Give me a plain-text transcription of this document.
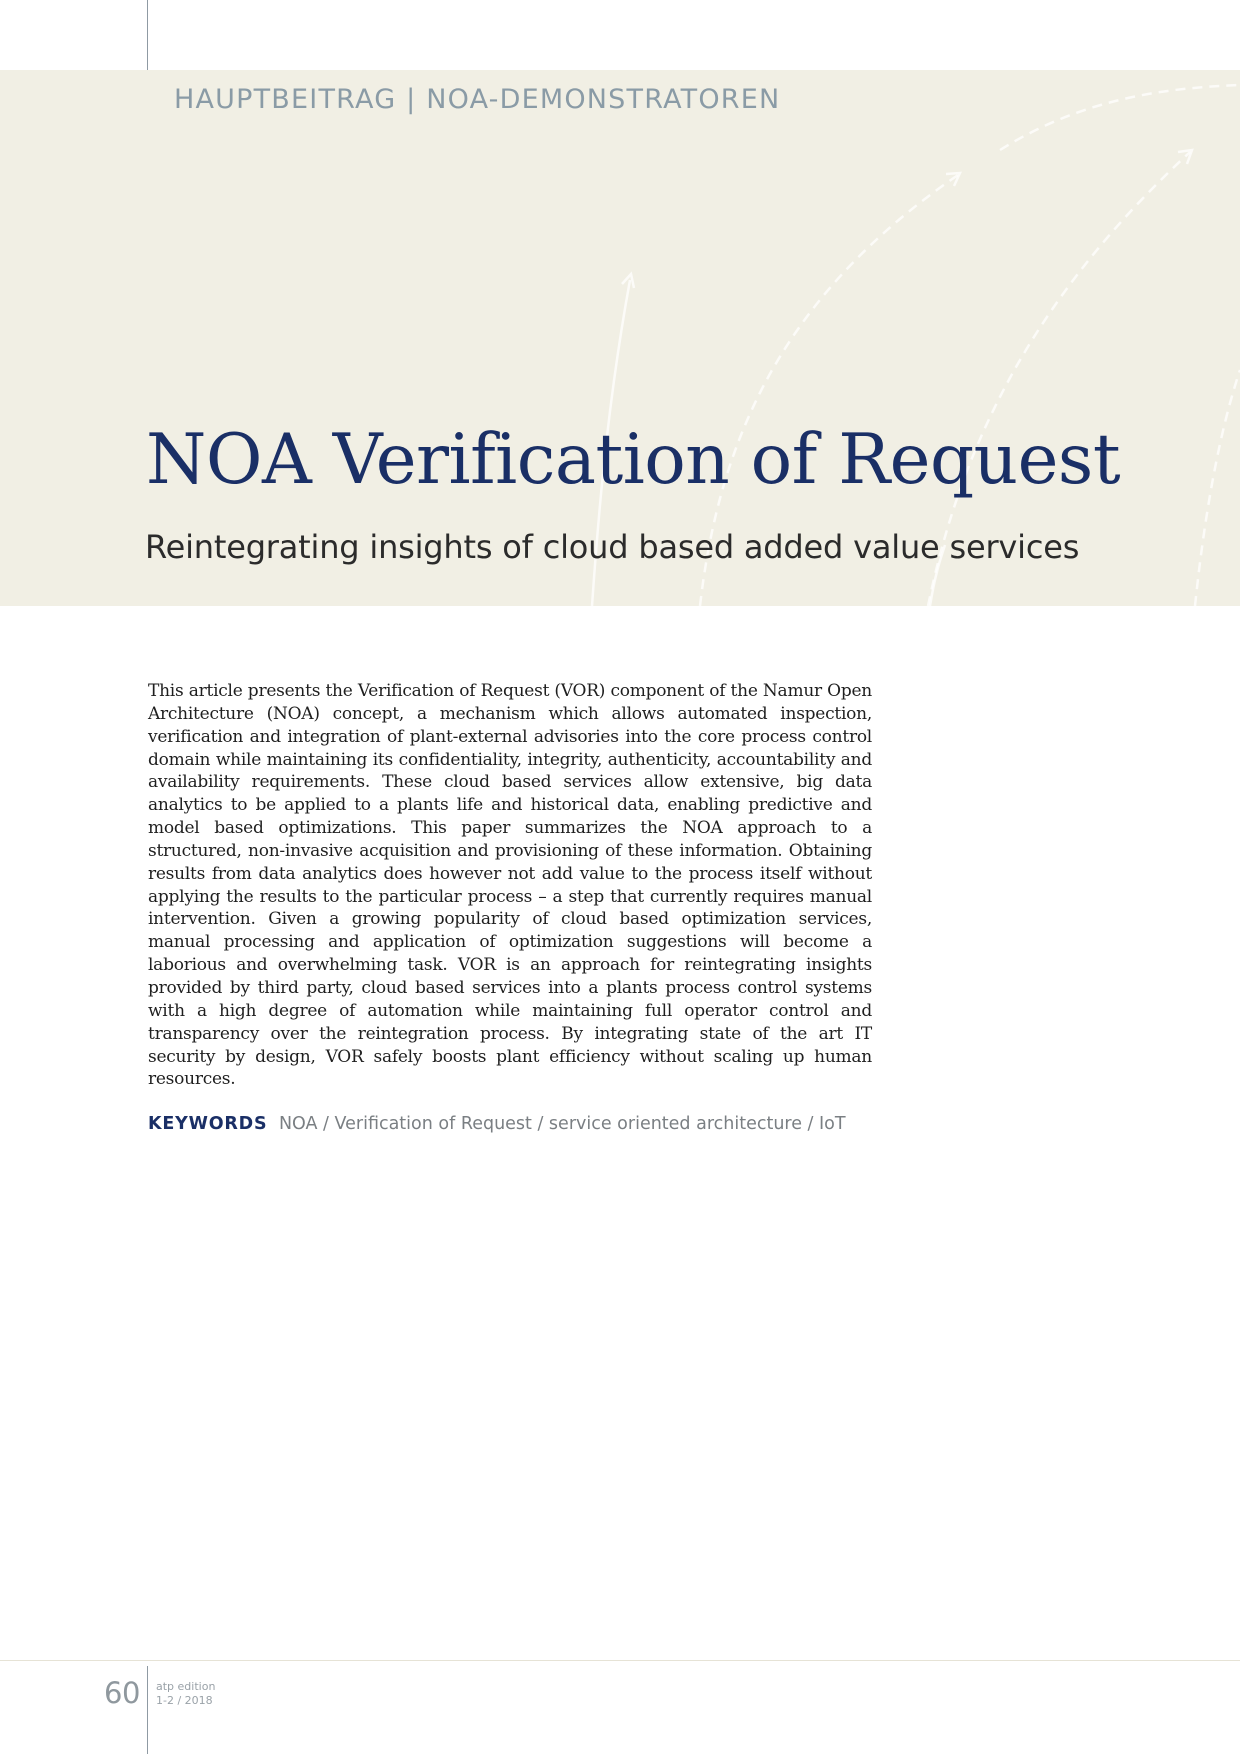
HAUPTBEITRAG | NOA-DEMONSTRATOREN
NOA Verification of Request
Reintegrating insights of cloud based added value services

This article presents the Verification of Request (VOR) component of the Namur Open Architecture (NOA) concept, a mechanism which allows automated inspection, verification and integration of plant-external advisories into the core process control domain while maintaining its confidentiality, integrity, authenticity, accountability and availability requirements. These cloud based services allow extensive, big data analytics to be applied to a plants life and historical data, enabling predictive and model based optimizations. This paper summarizes the NOA approach to a structured, non-invasive acquisition and provisioning of these information. Obtaining results from data analytics does however not add value to the process itself without applying the results to the particular process – a step that currently requires manual intervention. Given a growing popularity of cloud based optimization services, manual processing and application of optimization suggestions will become a laborious and overwhelming task. VOR is an approach for reintegrating insights provided by third party, cloud based services into a plants process control systems with a high degree of automation while maintaining full operator control and transparency over the reintegration process. By integrating state of the art IT security by design, VOR safely boosts plant efficiency without scaling up human resources.

KEYWORDS NOA / Verification of Request / service oriented architecture / IoT
60 atp edition
1-2 / 2018
